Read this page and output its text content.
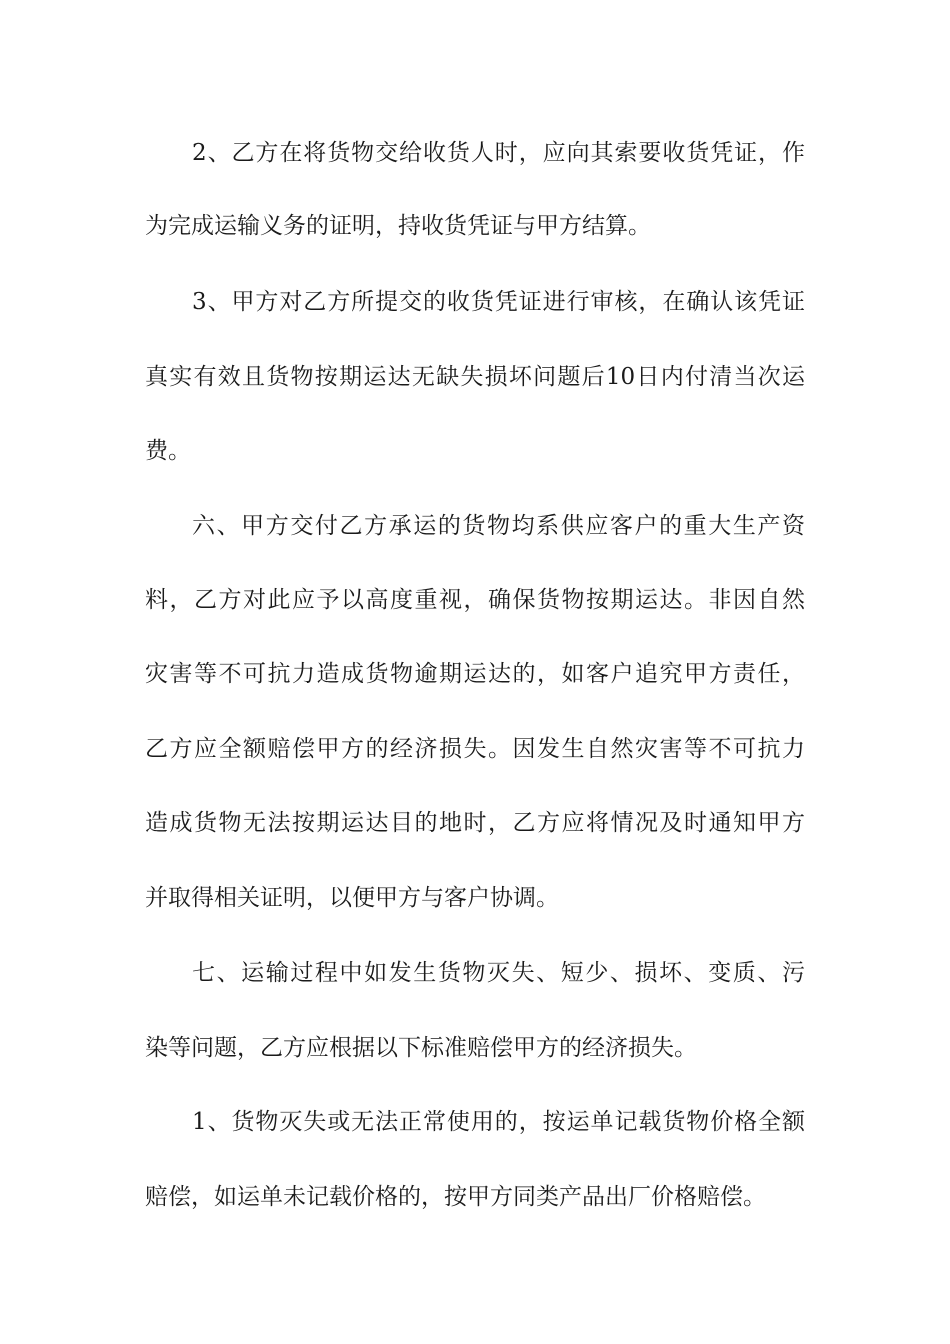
2、乙方在将货物交给收货人时，应向其索要收货凭证，作
为完成运输义务的证明，持收货凭证与甲方结算。
3、甲方对乙方所提交的收货凭证进行审核，在确认该凭证
真实有效且货物按期运达无缺失损坏问题后10日内付清当次运
费。
六、甲方交付乙方承运的货物均系供应客户的重大生产资
料，乙方对此应予以高度重视，确保货物按期运达。非因自然
灾害等不可抗力造成货物逾期运达的，如客户追究甲方责任，
乙方应全额赔偿甲方的经济损失。因发生自然灾害等不可抗力
造成货物无法按期运达目的地时，乙方应将情况及时通知甲方
并取得相关证明，以便甲方与客户协调。
七、运输过程中如发生货物灭失、短少、损坏、变质、污
染等问题，乙方应根据以下标准赔偿甲方的经济损失。
1、货物灭失或无法正常使用的，按运单记载货物价格全额
赔偿，如运单未记载价格的，按甲方同类产品出厂价格赔偿。
